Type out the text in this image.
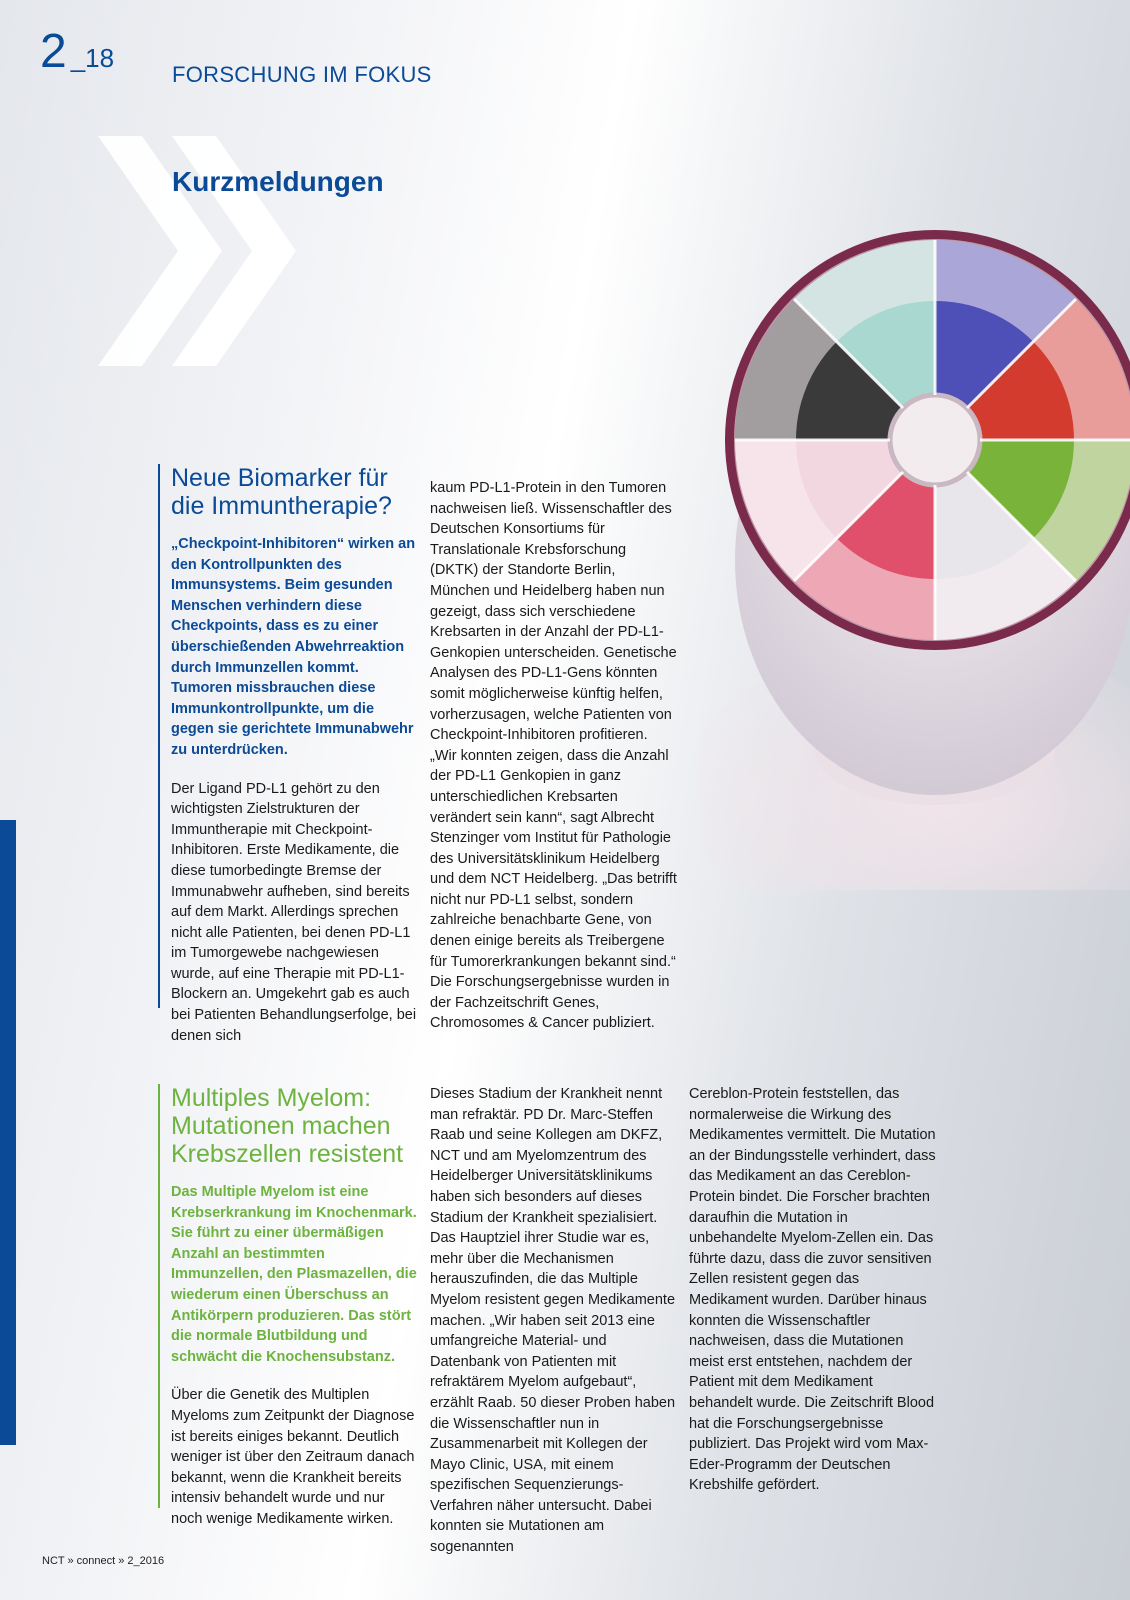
2 _18
FORSCHUNG IM FOKUS
Kurzmeldungen
Neue Biomarker für die Immuntherapie?

„Checkpoint-Inhibitoren“ wirken an den Kontrollpunkten des Immunsystems. Beim gesunden Menschen verhindern diese Checkpoints, dass es zu einer überschießenden Abwehrreaktion durch Immunzellen kommt. Tumoren missbrauchen diese Immunkontrollpunkte, um die gegen sie gerichtete Immunabwehr zu unterdrücken.

Der Ligand PD-L1 gehört zu den wichtigsten Zielstrukturen der Immuntherapie mit Checkpoint-Inhibitoren. Erste Medikamente, die diese tumorbedingte Bremse der Immunabwehr aufheben, sind bereits auf dem Markt. Allerdings sprechen nicht alle Patienten, bei denen PD-L1 im Tumorgewebe nachgewiesen wurde, auf eine Therapie mit PD-L1-Blockern an. Umgekehrt gab es auch bei Patienten Behandlungserfolge, bei denen sich

kaum PD-L1-Protein in den Tumoren nachweisen ließ. Wissenschaftler des Deutschen Konsortiums für Translationale Krebsforschung (DKTK) der Standorte Berlin, München und Heidelberg haben nun gezeigt, dass sich verschiedene Krebsarten in der Anzahl der PD-L1-Genkopien unterscheiden. Genetische Analysen des PD-L1-Gens könnten somit möglicherweise künftig helfen, vorherzusagen, welche Patienten von Checkpoint-Inhibitoren profitieren. „Wir konnten zeigen, dass die Anzahl der PD-L1 Genkopien in ganz unterschiedlichen Krebsarten verändert sein kann“, sagt Albrecht Stenzinger vom Institut für Pathologie des Universitätsklinikum Heidelberg und dem NCT Heidelberg. „Das betrifft nicht nur PD-L1 selbst, sondern zahlreiche benachbarte Gene, von denen einige bereits als Treibergene für Tumorerkrankungen bekannt sind.“ Die Forschungsergebnisse wurden in der Fachzeitschrift Genes, Chromosomes & Cancer publiziert.

Multiples Myelom: Mutationen machen Krebszellen resistent

Das Multiple Myelom ist eine Krebserkrankung im Knochenmark. Sie führt zu einer übermäßigen Anzahl an bestimmten Immunzellen, den Plasmazellen, die wiederum einen Überschuss an Antikörpern produzieren. Das stört die normale Blutbildung und schwächt die Knochensubstanz.

Über die Genetik des Multiplen Myeloms zum Zeitpunkt der Diagnose ist bereits einiges bekannt. Deutlich weniger ist über den Zeitraum danach bekannt, wenn die Krankheit bereits intensiv behandelt wurde und nur noch wenige Medikamente wirken.

Dieses Stadium der Krankheit nennt man refraktär. PD Dr. Marc-Steffen Raab und seine Kollegen am DKFZ, NCT und am Myelomzentrum des Heidelberger Universitätsklinikums haben sich besonders auf dieses Stadium der Krankheit spezialisiert. Das Hauptziel ihrer Studie war es, mehr über die Mechanismen herauszufinden, die das Multiple Myelom resistent gegen Medikamente machen. „Wir haben seit 2013 eine umfangreiche Material- und Datenbank von Patienten mit refraktärem Myelom aufgebaut“, erzählt Raab. 50 dieser Proben haben die Wissenschaftler nun in Zusammenarbeit mit Kollegen der Mayo Clinic, USA, mit einem spezifischen Sequenzierungs-Verfahren näher untersucht. Dabei konnten sie Mutationen am sogenannten

Cereblon-Protein feststellen, das normalerweise die Wirkung des Medikamentes vermittelt. Die Mutation an der Bindungsstelle verhindert, dass das Medikament an das Cereblon-Protein bindet. Die Forscher brachten daraufhin die Mutation in unbehandelte Myelom-Zellen ein. Das führte dazu, dass die zuvor sensitiven Zellen resistent gegen das Medikament wurden. Darüber hinaus konnten die Wissenschaftler nachweisen, dass die Mutationen meist erst entstehen, nachdem der Patient mit dem Medikament behandelt wurde. Die Zeitschrift Blood hat die Forschungsergebnisse publiziert. Das Projekt wird vom Max-Eder-Programm der Deutschen Krebshilfe gefördert.

NCT » connect » 2_2016
